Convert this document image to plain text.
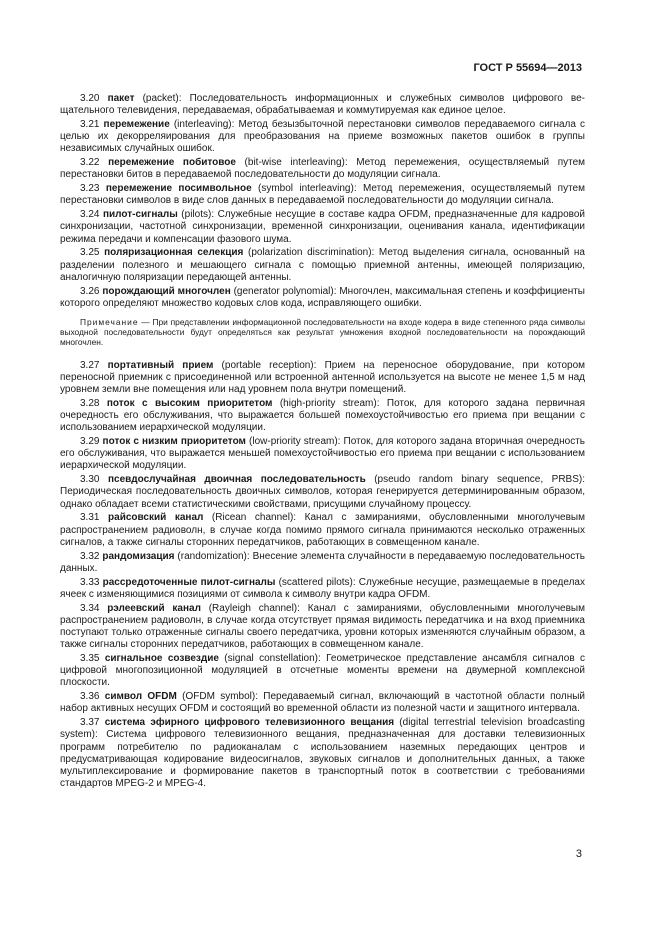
ГОСТ Р 55694—2013

3.20 пакет (packet): Последовательность информационных и служебных символов цифрового вещательного телевидения, передаваемая, обрабатываемая и коммутируемая как единое целое.

3.21 перемежение (interleaving): Метод безызбыточной перестановки символов передаваемого сигнала с целью их декорреляирования для преобразования на приеме возможных пакетов ошибок в группы независимых случайных ошибок.

3.22 перемежение побитовое (bit-wise interleaving): Метод перемежения, осуществляемый путем перестановки битов в передаваемой последовательности до модуляции сигнала.

3.23 перемежение посимвольное (symbol interleaving): Метод перемежения, осуществляемый путем перестановки символов в виде слов данных в передаваемой последовательности до модуляции сигнала.

3.24 пилот-сигналы (pilots): Служебные несущие в составе кадра OFDM, предназначенные для кадровой синхронизации, частотной синхронизации, временной синхронизации, оценивания канала, идентификации режима передачи и компенсации фазового шума.

3.25 поляризационная селекция (polarization discrimination): Метод выделения сигнала, основанный на разделении полезного и мешающего сигнала с помощью приемной антенны, имеющей поляризацию, аналогичную поляризации передающей антенны.

3.26 порождающий многочлен (generator polynomial): Многочлен, максимальная степень и коэффициенты которого определяют множество кодовых слов кода, исправляющего ошибки.

Примечание — При представлении информационной последовательности на входе кодера в виде степенного ряда символы выходной последовательности будут определяться как результат умножения входной последовательности на порождающий многочлен.

3.27 портативный прием (portable reception): Прием на переносное оборудование, при котором переносной приемник с присоединенной или встроенной антенной используется на высоте не менее 1,5 м над уровнем земли вне помещения или над уровнем пола внутри помещений.

3.28 поток с высоким приоритетом (high-priority stream): Поток, для которого задана первичная очередность его обслуживания, что выражается большей помехоустойчивостью его приема при вещании с использованием иерархической модуляции.

3.29 поток с низким приоритетом (low-priority stream): Поток, для которого задана вторичная очередность его обслуживания, что выражается меньшей помехоустойчивостью его приема при вещании с использованием иерархической модуляции.

3.30 псевдослучайная двоичная последовательность (pseudo random binary sequence, PRBS): Периодическая последовательность двоичных символов, которая генерируется детерминированным образом, однако обладает всеми статистическими свойствами, присущими случайному процессу.

3.31 райсовский канал (Ricean channel): Канал с замираниями, обусловленными многолучевым распространением радиоволн, в случае когда помимо прямого сигнала принимаются несколько отраженных сигналов, а также сигналы сторонних передатчиков, работающих в совмещенном канале.

3.32 рандомизация (randomization): Внесение элемента случайности в передаваемую последовательность данных.

3.33 рассредоточенные пилот-сигналы (scattered pilots): Служебные несущие, размещаемые в пределах ячеек с изменяющимися позициями от символа к символу внутри кадра OFDM.

3.34 рэлеевский канал (Rayleigh channel): Канал с замираниями, обусловленными многолучевым распространением радиоволн, в случае когда отсутствует прямая видимость передатчика и на вход приемника поступают только отраженные сигналы своего передатчика, уровни которых изменяются случайным образом, а также сигналы сторонних передатчиков, работающих в совмещенном канале.

3.35 сигнальное созвездие (signal constellation): Геометрическое представление ансамбля сигналов с цифровой многопозиционной модуляцией в отсчетные моменты времени на двумерной комплексной плоскости.

3.36 символ OFDM (OFDM symbol): Передаваемый сигнал, включающий в частотной области полный набор активных несущих OFDM и состоящий во временной области из полезной части и защитного интервала.

3.37 система эфирного цифрового телевизионного вещания (digital terrestrial television broadcasting system): Система цифрового телевизионного вещания, предназначенная для доставки телевизионных программ потребителю по радиоканалам с использованием наземных передающих центров и предусматривающая кодирование видеосигналов, звуковых сигналов и дополнительных данных, а также мультиплексирование и формирование пакетов в транспортный поток в соответствии с требованиями стандартов MPEG-2 и MPEG-4.

3
